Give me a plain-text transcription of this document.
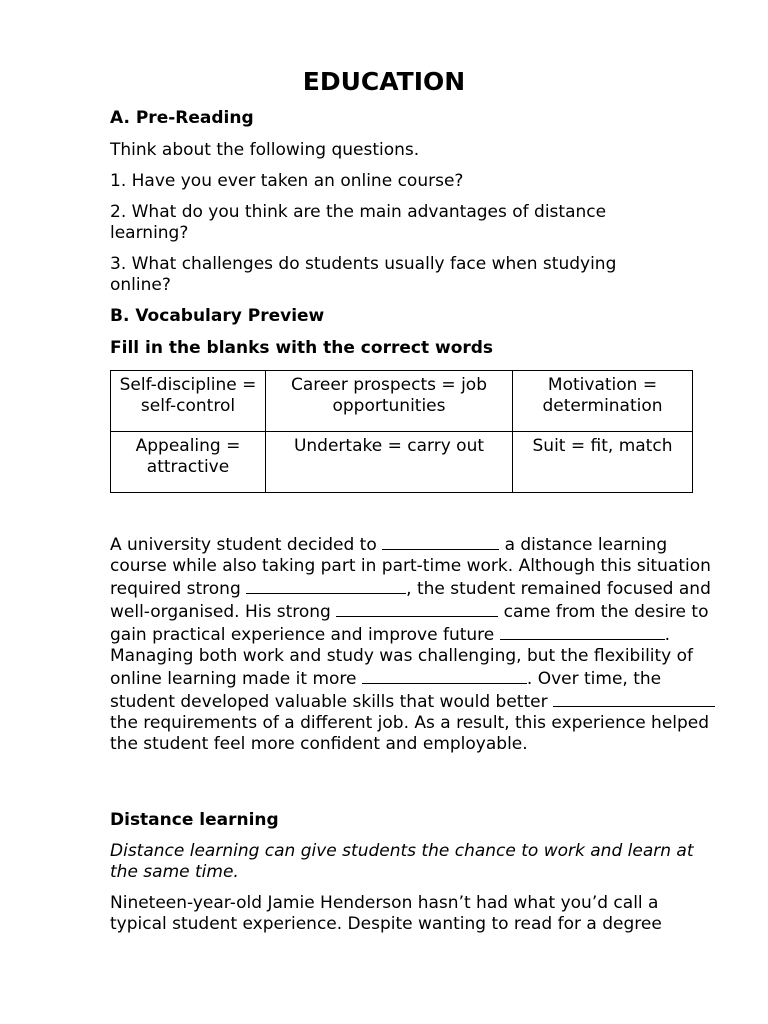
EDUCATION

A. Pre-Reading

Think about the following questions.

1. Have you ever taken an online course?

2. What do you think are the main advantages of distance learning?

3. What challenges do students usually face when studying online?

B. Vocabulary Preview

Fill in the blanks with the correct words

Self-discipline = self-control	Career prospects = job opportunities	Motivation = determination
Appealing = attractive	Undertake = carry out	Suit = fit, match

A university student decided to	a distance learning course while also taking part in part-time work. Although this situation required strong	, the student remained focused and well-organised. His strong	came from the desire to gain practical experience and improve future	. Managing both work and study was challenging, but the flexibility of online learning made it more	. Over time, the student developed valuable skills that would better  the requirements of a different job. As a result, this experience helped the student feel more confident and employable.

Distance learning

Distance learning can give students the chance to work and learn at the same time.

Nineteen-year-old Jamie Henderson hasn’t had what you’d call a typical student experience. Despite wanting to read for a degree
